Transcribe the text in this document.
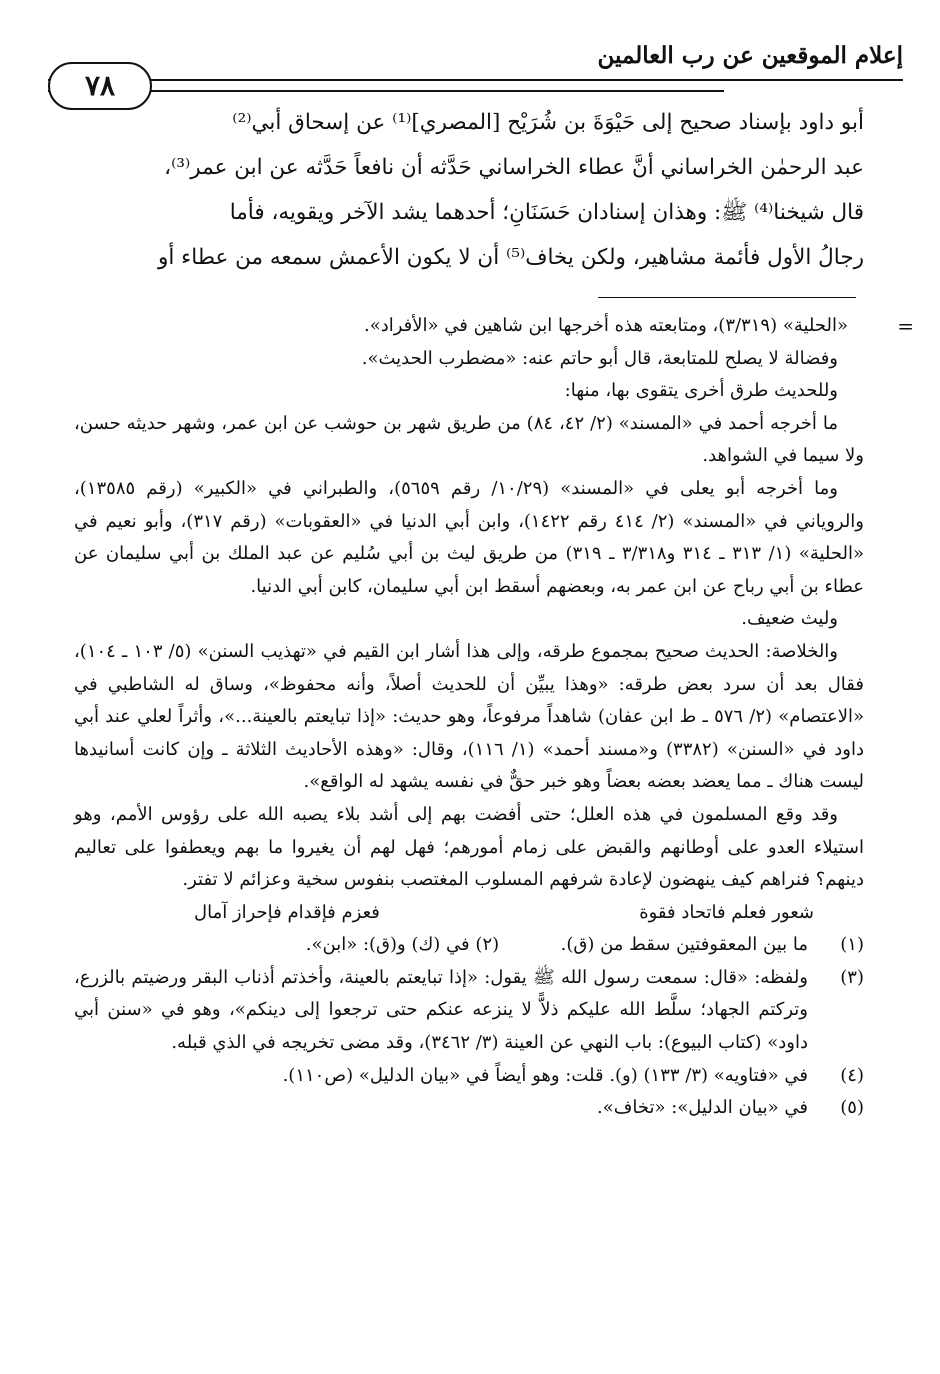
إعلام الموقعين عن رب العالمين
٧٨

أبو داود بإسناد صحيح إلى حَيْوَةَ بن شُرَيْح [المصري]⁽¹⁾ عن إسحاق أبي⁽²⁾

عبد الرحمٰن الخراساني أنَّ عطاء الخراساني حَدَّثه أن نافعاً حَدَّثه عن ابن عمر⁽³⁾،

قال شيخنا⁽⁴⁾ ﷺ: وهذان إسنادان حَسَنَانِ؛ أحدهما يشد الآخر ويقويه، فأما

رجالُ الأول فأئمة مشاهير، ولكن يخاف⁽⁵⁾ أن لا يكون الأعمش سمعه من عطاء أو

=
«الحلية» (٣/٣١٩)، ومتابعته هذه أخرجها ابن شاهين في «الأفراد».

وفضالة لا يصلح للمتابعة، قال أبو حاتم عنه: «مضطرب الحديث».

وللحديث طرق أخرى يتقوى بها، منها:

ما أخرجه أحمد في «المسند» (٢/ ٤٢، ٨٤) من طريق شهر بن حوشب عن ابن عمر، وشهر حديثه حسن، ولا سيما في الشواهد.

وما أخرجه أبو يعلى في «المسند» (١٠/٢٩/ رقم ٥٦٥٩)، والطبراني في «الكبير» (رقم ١٣٥٨٥)، والروياني في «المسند» (٢/ ٤١٤ رقم ١٤٢٢)، وابن أبي الدنيا في «العقوبات» (رقم ٣١٧)، وأبو نعيم في «الحلية» (١/ ٣١٣ ـ ٣١٤ و٣/٣١٨ ـ ٣١٩) من طريق ليث بن أبي سُليم عن عبد الملك بن أبي سليمان عن عطاء بن أبي رباح عن ابن عمر به، وبعضهم أسقط ابن أبي سليمان، كابن أبي الدنيا.

وليث ضعيف.

والخلاصة: الحديث صحيح بمجموع طرقه، وإلى هذا أشار ابن القيم في «تهذيب السنن» (٥/ ١٠٣ ـ ١٠٤)، فقال بعد أن سرد بعض طرقه: «وهذا يبيِّن أن للحديث أصلاً، وأنه محفوظ»، وساق له الشاطبي في «الاعتصام» (٢/ ٥٧٦ ـ ط ابن عفان) شاهداً مرفوعاً، وهو حديث: «إذا تبايعتم بالعينة...»، وأثراً لعلي عند أبي داود في «السنن» (٣٣٨٢) و«مسند أحمد» (١/ ١١٦)، وقال: «وهذه الأحاديث الثلاثة ـ وإن كانت أسانيدها ليست هناك ـ مما يعضد بعضه بعضاً وهو خبر حقٌّ في نفسه يشهد له الواقع».

وقد وقع المسلمون في هذه العلل؛ حتى أفضت بهم إلى أشد بلاء يصبه الله على رؤوس الأمم، وهو استيلاء العدو على أوطانهم والقبض على زمام أمورهم؛ فهل لهم أن يغيروا ما بهم ويعطفوا على تعاليم دينهم؟ فنراهم كيف ينهضون لإعادة شرفهم المسلوب المغتصب بنفوس سخية وعزائم لا تفتر.

شعور فعلم فاتحاد فقوة
فعزم فإقدام فإحراز آمال

(١)
ما بين المعقوفتين سقط من (ق).  (٢) في (ك) و(ق): «ابن».

(٣)
ولفظه: «قال: سمعت رسول الله ﷺ يقول: «إذا تبايعتم بالعينة، وأخذتم أذناب البقر ورضيتم بالزرع، وتركتم الجهاد؛ سلَّط الله عليكم ذلاًّ لا ينزعه عنكم حتى ترجعوا إلى دينكم»، وهو في «سنن أبي داود» (كتاب البيوع): باب النهي عن العينة (٣/ ٣٤٦٢)، وقد مضى تخريجه في الذي قبله.

(٤)
في «فتاويه» (٣/ ١٣٣) (و). قلت: وهو أيضاً في «بيان الدليل» (ص١١٠).

(٥)
في «بيان الدليل»: «تخاف».
